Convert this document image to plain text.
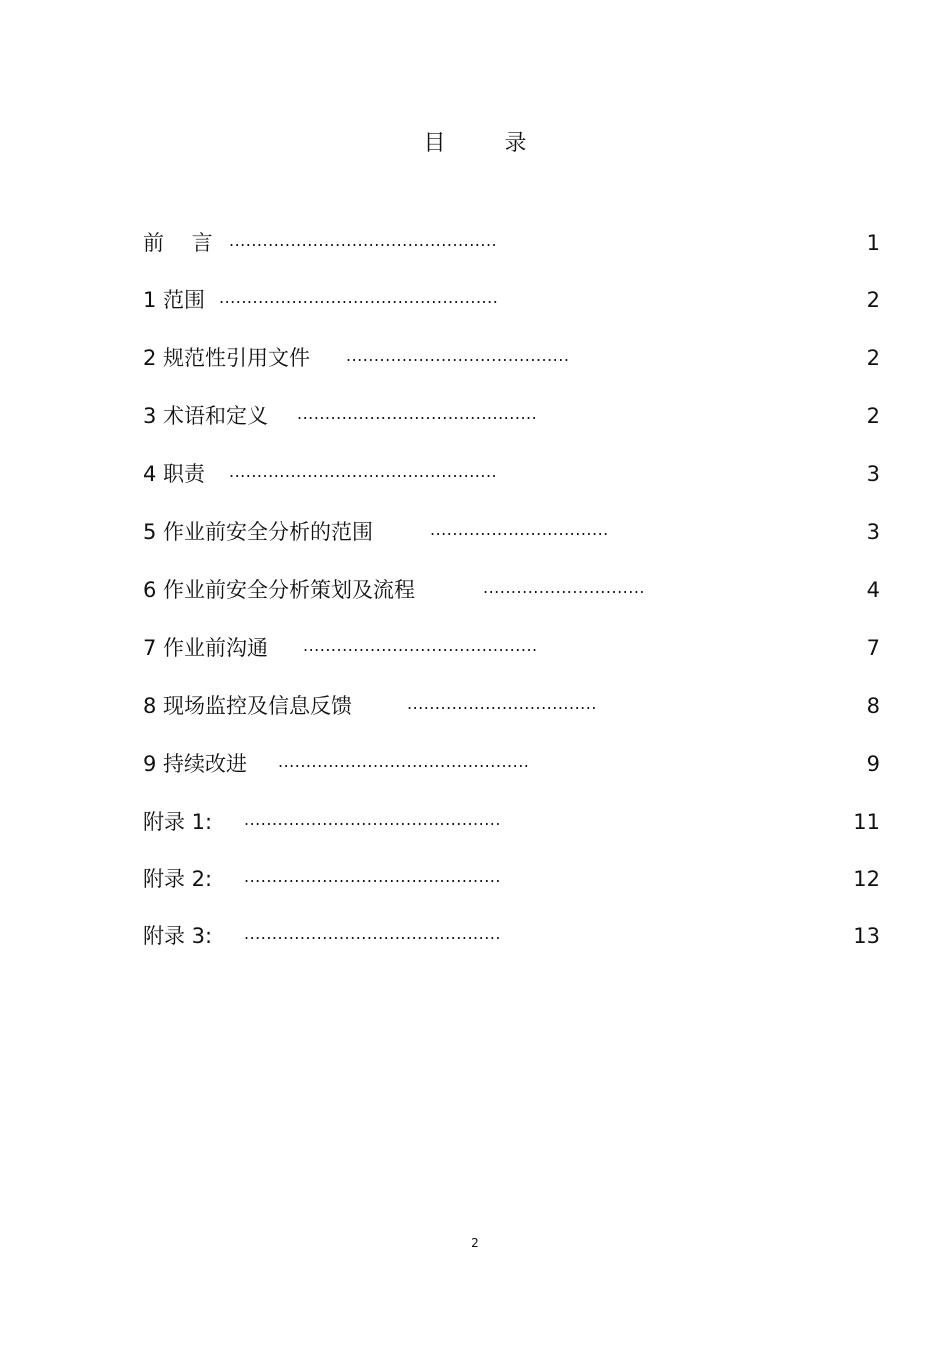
目 录
前　 言 ................................................	1
1 范围 ..................................................	2
2 规范性引用文件 ........................................	2
3 术语和定义 ...........................................	2
4 职责 ................................................	3
5 作业前安全分析的范围	................................	3
6 作业前安全分析策划及流程	.............................	4
7 作业前沟通 ..........................................	7
8 现场监控及信息反馈	..................................	8
9 持续改进 .............................................	9
附录 1: ..............................................	11
附录 2: ..............................................	12
附录 3: ..............................................	13
2
